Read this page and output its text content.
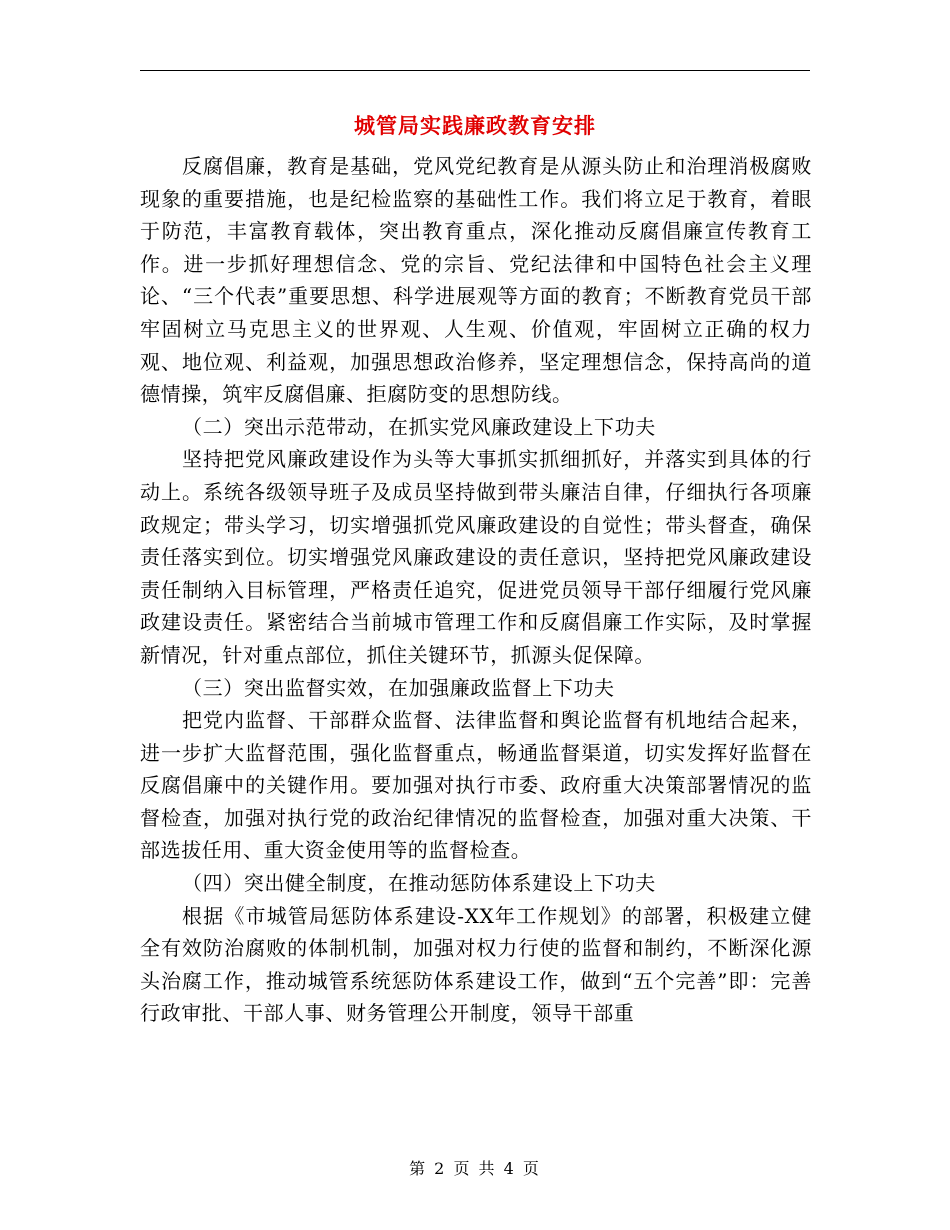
城管局实践廉政教育安排

反腐倡廉，教育是基础，党风党纪教育是从源头防止和治理消极腐败现象的重要措施，也是纪检监察的基础性工作。我们将立足于教育，着眼于防范，丰富教育载体，突出教育重点，深化推动反腐倡廉宣传教育工作。进一步抓好理想信念、党的宗旨、党纪法律和中国特色社会主义理论、“三个代表”重要思想、科学进展观等方面的教育；不断教育党员干部牢固树立马克思主义的世界观、人生观、价值观，牢固树立正确的权力观、地位观、利益观，加强思想政治修养，坚定理想信念，保持高尚的道德情操，筑牢反腐倡廉、拒腐防变的思想防线。

（二）突出示范带动，在抓实党风廉政建设上下功夫

坚持把党风廉政建设作为头等大事抓实抓细抓好，并落实到具体的行动上。系统各级领导班子及成员坚持做到带头廉洁自律，仔细执行各项廉政规定；带头学习，切实增强抓党风廉政建设的自觉性；带头督查，确保责任落实到位。切实增强党风廉政建设的责任意识，坚持把党风廉政建设责任制纳入目标管理，严格责任追究，促进党员领导干部仔细履行党风廉政建设责任。紧密结合当前城市管理工作和反腐倡廉工作实际，及时掌握新情况，针对重点部位，抓住关键环节，抓源头促保障。

（三）突出监督实效，在加强廉政监督上下功夫

把党内监督、干部群众监督、法律监督和舆论监督有机地结合起来，进一步扩大监督范围，强化监督重点，畅通监督渠道，切实发挥好监督在反腐倡廉中的关键作用。要加强对执行市委、政府重大决策部署情况的监督检查，加强对执行党的政治纪律情况的监督检查，加强对重大决策、干部选拔任用、重大资金使用等的监督检查。

（四）突出健全制度，在推动惩防体系建设上下功夫

根据《市城管局惩防体系建设-XX年工作规划》的部署，积极建立健全有效防治腐败的体制机制，加强对权力行使的监督和制约，不断深化源头治腐工作，推动城管系统惩防体系建设工作，做到“五个完善”即：完善行政审批、干部人事、财务管理公开制度，领导干部重

第 2 页 共 4 页
